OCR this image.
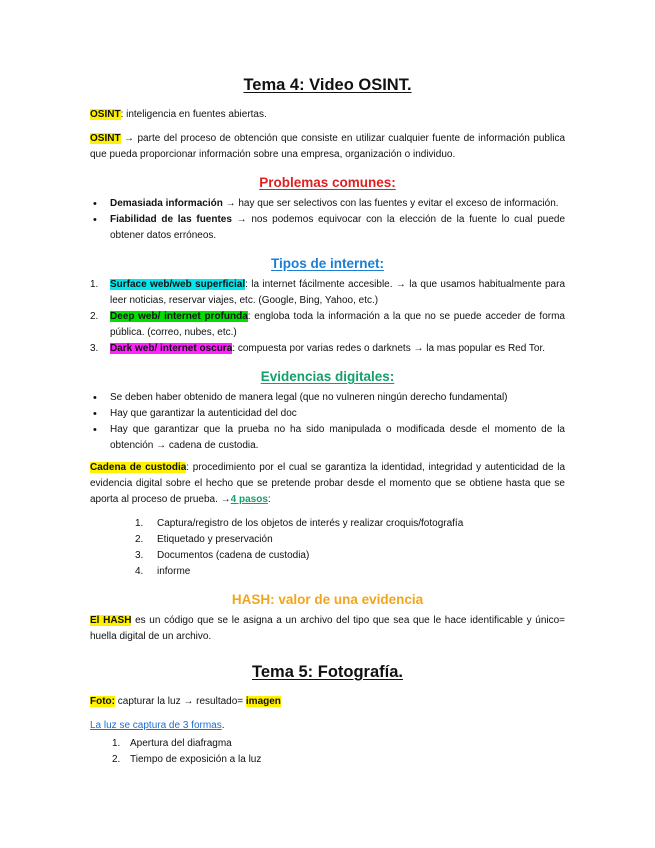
Tema 4: Video OSINT.

OSINT: inteligencia en fuentes abiertas.

OSINT → parte del proceso de obtención que consiste en utilizar cualquier fuente de información publica que pueda proporcionar información sobre una empresa, organización o individuo.

Problemas comunes:
• Demasiada información → hay que ser selectivos con las fuentes y evitar el exceso de información.
• Fiabilidad de las fuentes → nos podemos equivocar con la elección de la fuente lo cual puede obtener datos erróneos.
Tipos de internet:
1. Surface web/web superficial: la internet fácilmente accesible. → la que usamos habitualmente para leer noticias, reservar viajes, etc. (Google, Bing, Yahoo, etc.)
2. Deep web/ internet profunda: engloba toda la información a la que no se puede acceder de forma pública. (correo, nubes, etc.)
3. Dark web/ internet oscura: compuesta por varias redes o darknets → la mas popular es Red Tor.
Evidencias digitales:
• Se deben haber obtenido de manera legal (que no vulneren ningún derecho fundamental)
• Hay que garantizar la autenticidad del doc
• Hay que garantizar que la prueba no ha sido manipulada o modificada desde el momento de la obtención → cadena de custodia.

Cadena de custodia: procedimiento por el cual se garantiza la identidad, integridad y autenticidad de la evidencia digital sobre el hecho que se pretende probar desde el momento que se obtiene hasta que se aporta al proceso de prueba. →4 pasos:

1. Captura/registro de los objetos de interés y realizar croquis/fotografía
2. Etiquetado y preservación
3. Documentos (cadena de custodia)
4. informe
HASH: valor de una evidencia

El HASH es un código que se le asigna a un archivo del tipo que sea que le hace identificable y único= huella digital de un archivo.

Tema 5: Fotografía.

Foto: capturar la luz → resultado= imagen

La luz se captura de 3 formas.

1. Apertura del diafragma
2. Tiempo de exposición a la luz
